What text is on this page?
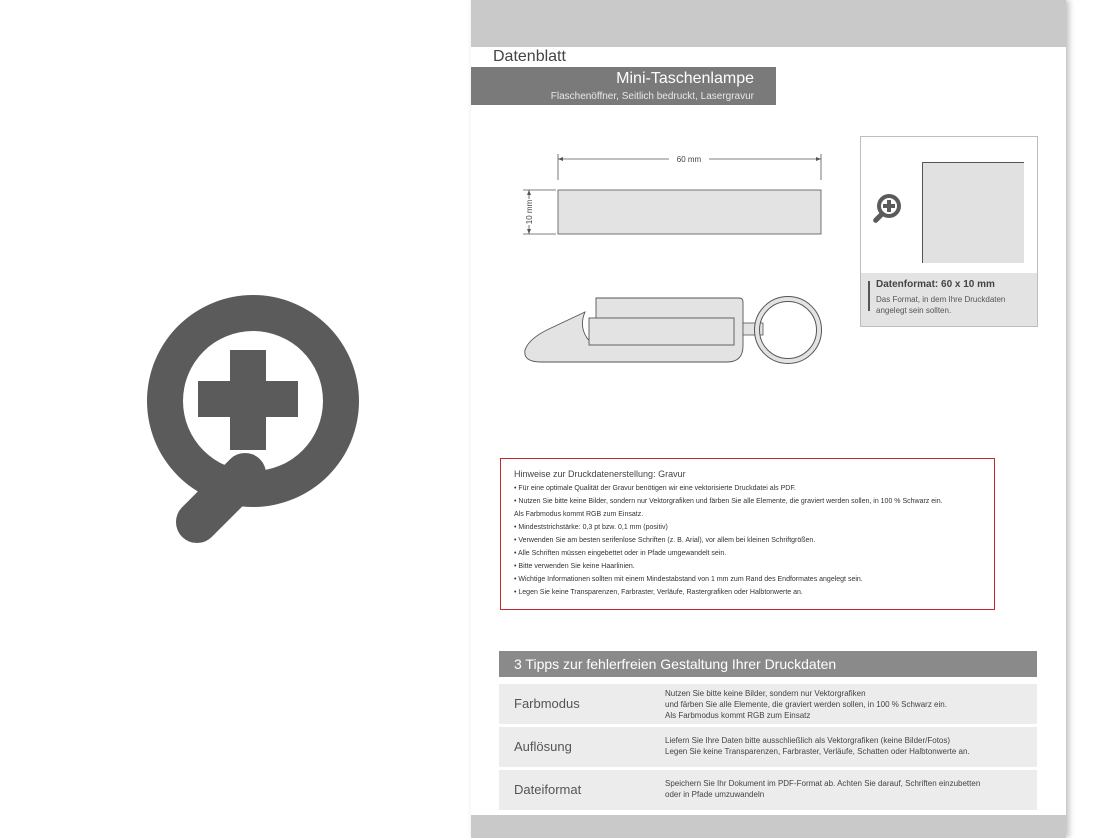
Datenblatt
Mini-Taschenlampe
Flaschenöffner, Seitlich bedruckt, Lasergravur
60 mm
10 mm
Datenformat: 60 x 10 mm
Das Format, in dem Ihre Druckdaten angelegt sein sollten.
Hinweise zur Druckdatenerstellung: Gravur
• Für eine optimale Qualität der Gravur benötigen wir eine vektorisierte Druckdatei als PDF.
• Nutzen Sie bitte keine Bilder, sondern nur Vektorgrafiken und färben Sie alle Elemente, die graviert werden sollen, in 100 % Schwarz ein.
Als Farbmodus kommt RGB zum Einsatz.
• Mindeststrichstärke: 0,3 pt bzw. 0,1 mm (positiv)
• Verwenden Sie am besten serifenlose Schriften (z. B. Arial), vor allem bei kleinen Schriftgrößen.
• Alle Schriften müssen eingebettet oder in Pfade umgewandelt sein.
• Bitte verwenden Sie keine Haarlinien.
• Wichtige Informationen sollten mit einem Mindestabstand von 1 mm zum Rand des Endformates angelegt sein.
• Legen Sie keine Transparenzen, Farbraster, Verläufe, Rastergrafiken oder Halbtonwerte an.
3 Tipps zur fehlerfreien Gestaltung Ihrer Druckdaten
Farbmodus
Nutzen Sie bitte keine Bilder, sondern nur Vektorgrafiken
und färben Sie alle Elemente, die graviert werden sollen, in 100 % Schwarz ein.
Als Farbmodus kommt RGB zum Einsatz
Auflösung	Liefern Sie Ihre Daten bitte ausschließlich als Vektorgrafiken (keine Bilder/Fotos)
Legen Sie keine Transparenzen, Farbraster, Verläufe, Schatten oder Halbtonwerte an.
Dateiformat	Speichern Sie Ihr Dokument im PDF-Format ab. Achten Sie darauf, Schriften einzubetten
oder in Pfade umzuwandeln
